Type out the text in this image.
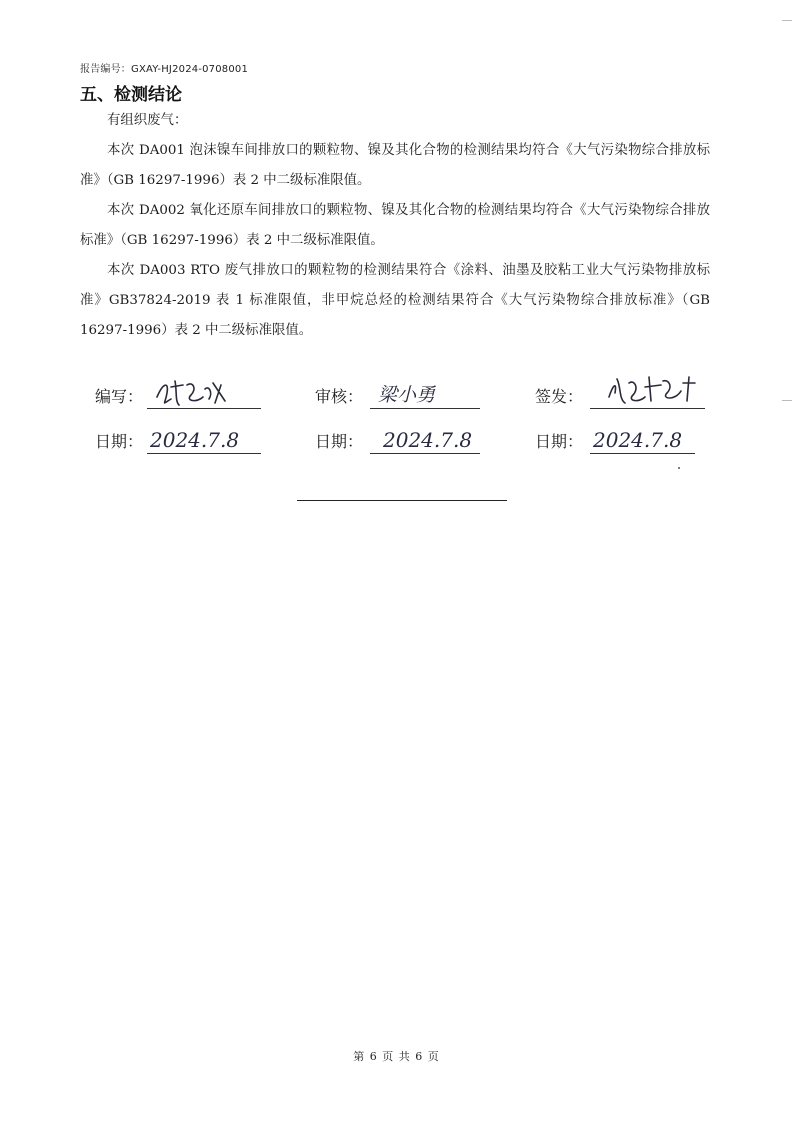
报告编号：GXAY-HJ2024-0708001
五、检测结论

有组织废气：

本次 DA001 泡沫镍车间排放口的颗粒物、镍及其化合物的检测结果均符合《大气污染物综合排放标准》（GB 16297-1996）表 2 中二级标准限值。

本次 DA002 氧化还原车间排放口的颗粒物、镍及其化合物的检测结果均符合《大气污染物综合排放标准》（GB 16297-1996）表 2 中二级标准限值。

本次 DA003 RTO 废气排放口的颗粒物的检测结果符合《涂料、油墨及胶粘工业大气污染物排放标准》GB37824-2019 表 1 标准限值，非甲烷总烃的检测结果符合《大气污染物综合排放标准》（GB 16297-1996）表 2 中二级标准限值。

编写：	审核： 梁小勇	签发：
日期： 2024.7.8	日期： 2024.7.8	日期： 2024.7.8
第 6 页 共 6 页
